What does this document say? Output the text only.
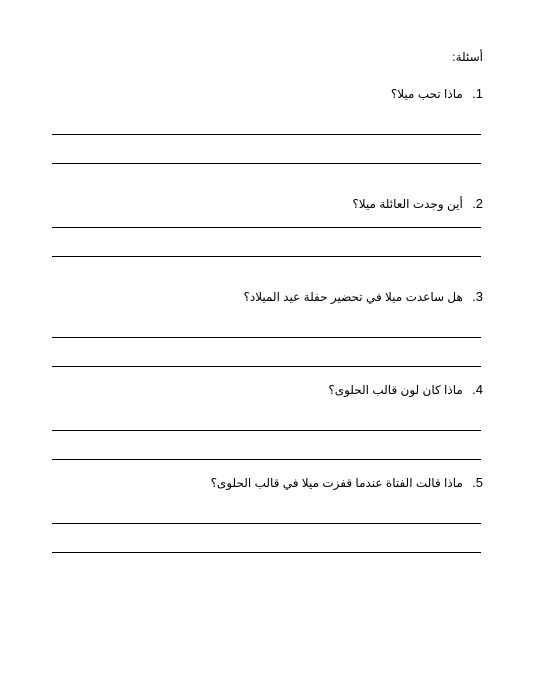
أسئلة:
1. ماذا تحب ميلا؟
2. أين وجدت العائلة ميلا؟
3. هل ساعدت ميلا في تحضير حفلة عيد الميلاد؟
4. ماذا كان لون قالب الحلوى؟
5. ماذا قالت الفتاة عندما قفزت ميلا في قالب الحلوى؟
